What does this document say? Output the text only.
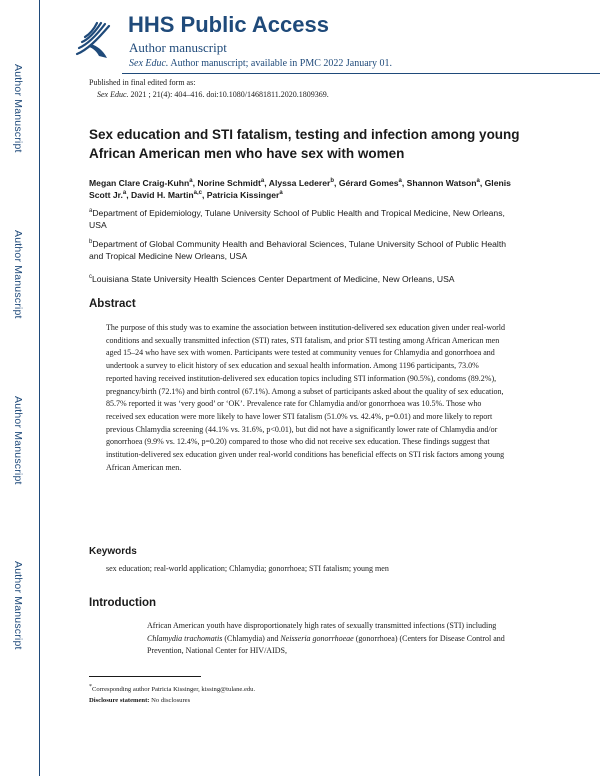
Author Manuscript
Author Manuscript
Author Manuscript
Author Manuscript
HHS Public Access
Author manuscript
Sex Educ. Author manuscript; available in PMC 2022 January 01.
Published in final edited form as:
Sex Educ. 2021 ; 21(4): 404–416. doi:10.1080/14681811.2020.1809369.
Sex education and STI fatalism, testing and infection among young African American men who have sex with women
Megan Clare Craig-Kuhn$^a$, Norine Schmidt$^a$, Alyssa Lederer$^b$, Gérard Gomes$^a$, Shannon Watson$^a$, Glenis Scott Jr.$^a$, David H. Martin$^{a,c}$, Patricia Kissinger$^a$
$^a$Department of Epidemiology, Tulane University School of Public Health and Tropical Medicine, New Orleans, USA
$^b$Department of Global Community Health and Behavioral Sciences, Tulane University School of Public Health and Tropical Medicine New Orleans, USA
$^c$Louisiana State University Health Sciences Center Department of Medicine, New Orleans, USA
Abstract
The purpose of this study was to examine the association between institution-delivered sex education given under real-world conditions and sexually transmitted infection (STI) rates, STI fatalism, and prior STI testing among African American men aged 15–24 who have sex with women. Participants were tested at community venues for Chlamydia and gonorrhoea and undertook a survey to elicit history of sex education and sexual health information. Among 1196 participants, 73.0% reported having received institution-delivered sex education topics including STI information (90.5%), condoms (89.2%), pregnancy/birth (72.1%) and birth control (67.1%). Among a subset of participants asked about the quality of sex education, 85.7% reported it was ‘very good’ or ‘OK’. Prevalence rate for Chlamydia and/or gonorrhoea was 10.5%. Those who received sex education were more likely to have lower STI fatalism (51.0% vs. 42.4%, p=0.01) and more likely to report previous Chlamydia screening (44.1% vs. 31.6%, p<0.01), but did not have a significantly lower rate of Chlamydia and/or gonorrhoea (9.9% vs. 12.4%, p=0.20) compared to those who did not receive sex education. These findings suggest that institution-delivered sex education given under real-world conditions has beneficial effects on STI risk factors among young African American men.
Keywords
sex education; real-world application; Chlamydia; gonorrhoea; STI fatalism; young men
Introduction
African American youth have disproportionately high rates of sexually transmitted infections (STI) including Chlamydia trachomatis (Chlamydia) and Neisseria gonorrhoeae (gonorrhoea) (Centers for Disease Control and Prevention, National Center for HIV/AIDS,
*Corresponding author Patricia Kissinger, kissing@tulane.edu.
Disclosure statement: No disclosures
